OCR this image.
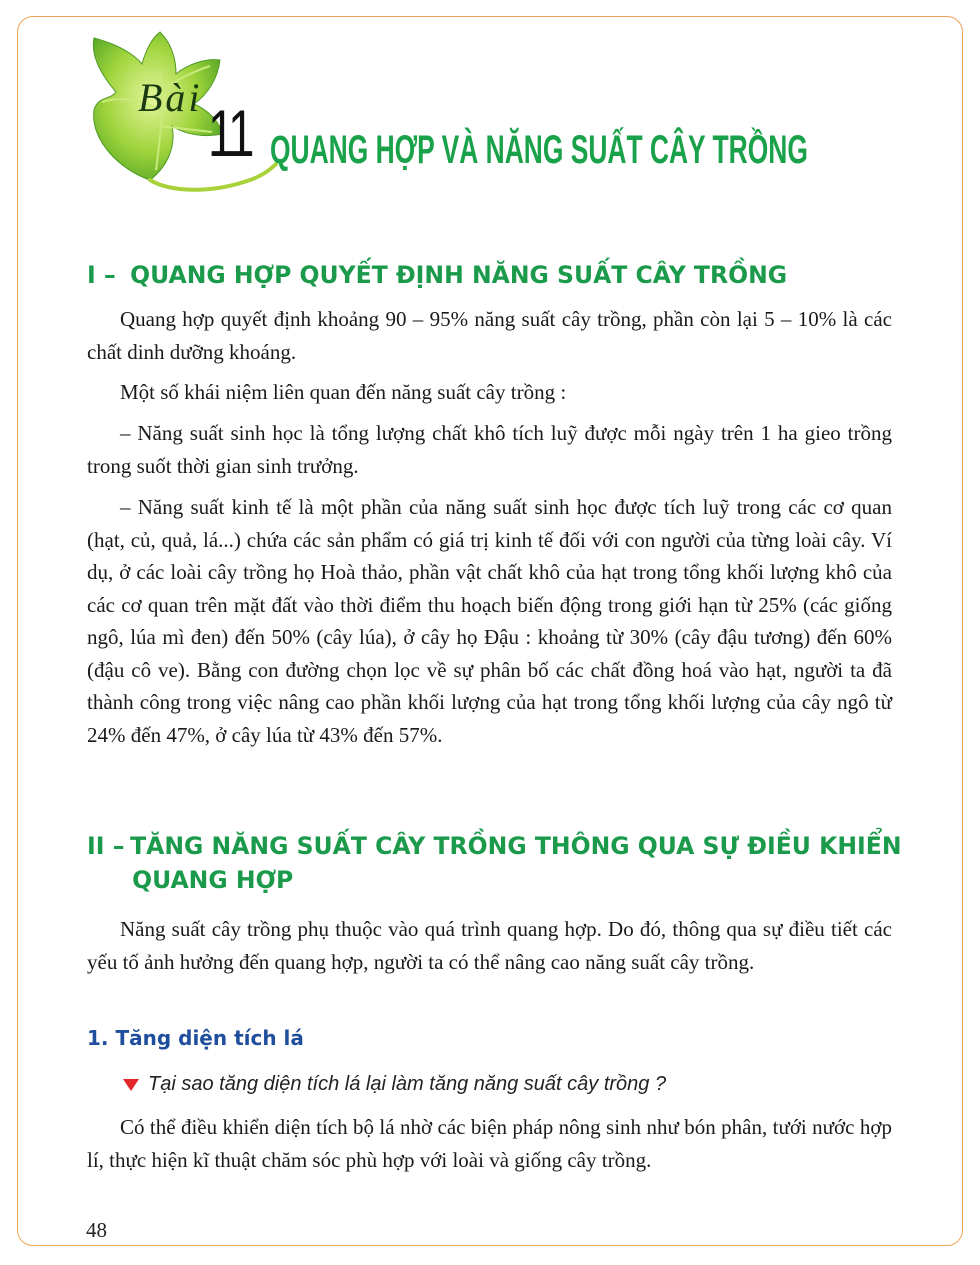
Bài 11 QUANG HỢP VÀ NĂNG SUẤT CÂY TRỒNG
I – QUANG HỢP QUYẾT ĐỊNH NĂNG SUẤT CÂY TRỒNG

Quang hợp quyết định khoảng 90 – 95% năng suất cây trồng, phần còn lại 5 – 10% là các chất dinh dưỡng khoáng.

Một số khái niệm liên quan đến năng suất cây trồng :

– Năng suất sinh học là tổng lượng chất khô tích luỹ được mỗi ngày trên 1 ha gieo trồng trong suốt thời gian sinh trưởng.

– Năng suất kinh tế là một phần của năng suất sinh học được tích luỹ trong các cơ quan (hạt, củ, quả, lá...) chứa các sản phẩm có giá trị kinh tế đối với con người của từng loài cây. Ví dụ, ở các loài cây trồng họ Hoà thảo, phần vật chất khô của hạt trong tổng khối lượng khô của các cơ quan trên mặt đất vào thời điểm thu hoạch biến động trong giới hạn từ 25% (các giống ngô, lúa mì đen) đến 50% (cây lúa), ở cây họ Đậu : khoảng từ 30% (cây đậu tương) đến 60% (đậu cô ve). Bằng con đường chọn lọc về sự phân bố các chất đồng hoá vào hạt, người ta đã thành công trong việc nâng cao phần khối lượng của hạt trong tổng khối lượng của cây ngô từ 24% đến 47%, ở cây lúa từ 43% đến 57%.

II – TĂNG NĂNG SUẤT CÂY TRỒNG THÔNG QUA SỰ ĐIỀU KHIỂN
QUANG HỢP

Năng suất cây trồng phụ thuộc vào quá trình quang hợp. Do đó, thông qua sự điều tiết các yếu tố ảnh hưởng đến quang hợp, người ta có thể nâng cao năng suất cây trồng.

1. Tăng diện tích lá
Tại sao tăng diện tích lá lại làm tăng năng suất cây trồng ?

Có thể điều khiển diện tích bộ lá nhờ các biện pháp nông sinh như bón phân, tưới nước hợp lí, thực hiện kĩ thuật chăm sóc phù hợp với loài và giống cây trồng.

48
